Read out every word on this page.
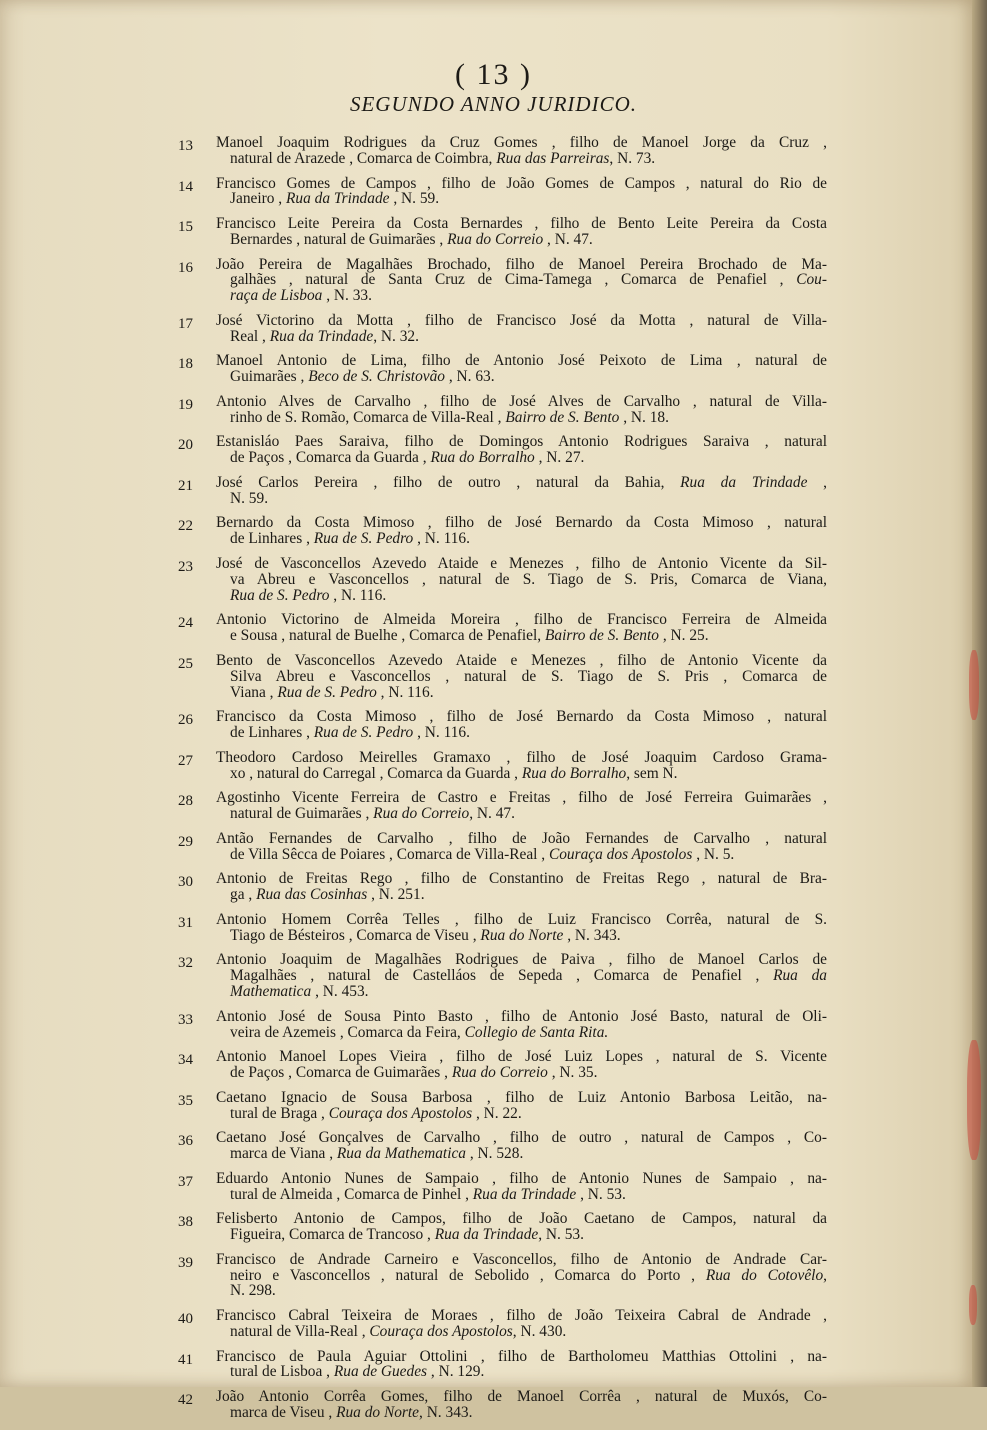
( 13 )
SEGUNDO ANNO JURIDICO.
13	Manoel Joaquim Rodrigues da Cruz Gomes , filho de Manoel Jorge da Cruz ,
natural de Arazede , Comarca de Coimbra, Rua das Parreiras, N. 73.
14	Francisco Gomes de Campos , filho de João Gomes de Campos , natural do Rio de
Janeiro , Rua da Trindade , N. 59.
15	Francisco Leite Pereira da Costa Bernardes , filho de Bento Leite Pereira da Costa
Bernardes , natural de Guimarães , Rua do Correio , N. 47.
16	João Pereira de Magalhães Brochado, filho de Manoel Pereira Brochado de Ma-
galhães , natural de Santa Cruz de Cima-Tamega , Comarca de Penafiel , Cou-
raça de Lisboa , N. 33.
17	José Victorino da Motta , filho de Francisco José da Motta , natural de Villa-
Real , Rua da Trindade, N. 32.
18	Manoel Antonio de Lima, filho de Antonio José Peixoto de Lima , natural de
Guimarães , Beco de S. Christovão , N. 63.
19	Antonio Alves de Carvalho , filho de José Alves de Carvalho , natural de Villa-
rinho de S. Romão, Comarca de Villa-Real , Bairro de S. Bento , N. 18.
20	Estanisláo Paes Saraiva, filho de Domingos Antonio Rodrigues Saraiva , natural
de Paços , Comarca da Guarda , Rua do Borralho , N. 27.
21	José Carlos Pereira , filho de outro , natural da Bahia, Rua da Trindade ,
N. 59.
22	Bernardo da Costa Mimoso , filho de José Bernardo da Costa Mimoso , natural
de Linhares , Rua de S. Pedro , N. 116.
23	José de Vasconcellos Azevedo Ataide e Menezes , filho de Antonio Vicente da Sil-
va Abreu e Vasconcellos , natural de S. Tiago de S. Pris, Comarca de Viana,
Rua de S. Pedro , N. 116.
24	Antonio Victorino de Almeida Moreira , filho de Francisco Ferreira de Almeida
e Sousa , natural de Buelhe , Comarca de Penafiel, Bairro de S. Bento , N. 25.
25	Bento de Vasconcellos Azevedo Ataide e Menezes , filho de Antonio Vicente da
Silva Abreu e Vasconcellos , natural de S. Tiago de S. Pris , Comarca de
Viana , Rua de S. Pedro , N. 116.
26	Francisco da Costa Mimoso , filho de José Bernardo da Costa Mimoso , natural
de Linhares , Rua de S. Pedro , N. 116.
27	Theodoro Cardoso Meirelles Gramaxo , filho de José Joaquim Cardoso Grama-
xo , natural do Carregal , Comarca da Guarda , Rua do Borralho, sem N.
28	Agostinho Vicente Ferreira de Castro e Freitas , filho de José Ferreira Guimarães ,
natural de Guimarães , Rua do Correio, N. 47.
29	Antão Fernandes de Carvalho , filho de João Fernandes de Carvalho , natural
de Villa Sêcca de Poiares , Comarca de Villa-Real , Couraça dos Apostolos , N. 5.
30	Antonio de Freitas Rego , filho de Constantino de Freitas Rego , natural de Bra-
ga , Rua das Cosinhas , N. 251.
31	Antonio Homem Corrêa Telles , filho de Luiz Francisco Corrêa, natural de S.
Tiago de Bésteiros , Comarca de Viseu , Rua do Norte , N. 343.
32	Antonio Joaquim de Magalhães Rodrigues de Paiva , filho de Manoel Carlos de
Magalhães , natural de Castelláos de Sepeda , Comarca de Penafiel , Rua da
Mathematica , N. 453.
33	Antonio José de Sousa Pinto Basto , filho de Antonio José Basto, natural de Oli-
veira de Azemeis , Comarca da Feira, Collegio de Santa Rita.
34	Antonio Manoel Lopes Vieira , filho de José Luiz Lopes , natural de S. Vicente
de Paços , Comarca de Guimarães , Rua do Correio , N. 35.
35	Caetano Ignacio de Sousa Barbosa , filho de Luiz Antonio Barbosa Leitão, na-
tural de Braga , Couraça dos Apostolos , N. 22.
36	Caetano José Gonçalves de Carvalho , filho de outro , natural de Campos , Co-
marca de Viana , Rua da Mathematica , N. 528.
37	Eduardo Antonio Nunes de Sampaio , filho de Antonio Nunes de Sampaio , na-
tural de Almeida , Comarca de Pinhel , Rua da Trindade , N. 53.
38	Felisberto Antonio de Campos, filho de João Caetano de Campos, natural da
Figueira, Comarca de Trancoso , Rua da Trindade, N. 53.
39	Francisco de Andrade Carneiro e Vasconcellos, filho de Antonio de Andrade Car-
neiro e Vasconcellos , natural de Sebolido , Comarca do Porto , Rua do Cotovêlo,
N. 298.
40	Francisco Cabral Teixeira de Moraes , filho de João Teixeira Cabral de Andrade ,
natural de Villa-Real , Couraça dos Apostolos, N. 430.
41	Francisco de Paula Aguiar Ottolini , filho de Bartholomeu Matthias Ottolini , na-
tural de Lisboa , Rua de Guedes , N. 129.
42	João Antonio Corrêa Gomes, filho de Manoel Corrêa , natural de Muxós, Co-
marca de Viseu , Rua do Norte, N. 343.
